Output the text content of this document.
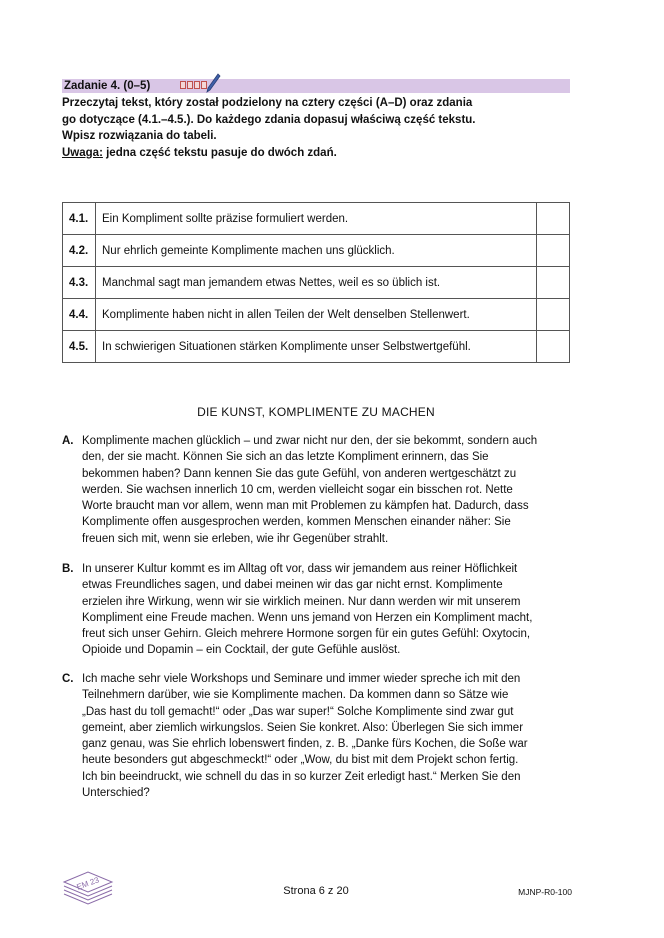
Zadanie 4. (0–5)
Przeczytaj tekst, który został podzielony na cztery części (A–D) oraz zdania
go dotyczące (4.1.–4.5.). Do każdego zdania dopasuj właściwą część tekstu.
Wpisz rozwiązania do tabeli.
Uwaga: jedna część tekstu pasuje do dwóch zdań.
4.1.	Ein Kompliment sollte präzise formuliert werden.	
4.2.	Nur ehrlich gemeinte Komplimente machen uns glücklich.	
4.3.	Manchmal sagt man jemandem etwas Nettes, weil es so üblich ist.	
4.4.	Komplimente haben nicht in allen Teilen der Welt denselben Stellenwert.	
4.5.	In schwierigen Situationen stärken Komplimente unser Selbstwertgefühl.	
DIE KUNST, KOMPLIMENTE ZU MACHEN
A. Komplimente machen glücklich – und zwar nicht nur den, der sie bekommt, sondern auch
den, der sie macht. Können Sie sich an das letzte Kompliment erinnern, das Sie
bekommen haben? Dann kennen Sie das gute Gefühl, von anderen wertgeschätzt zu
werden. Sie wachsen innerlich 10 cm, werden vielleicht sogar ein bisschen rot. Nette
Worte braucht man vor allem, wenn man mit Problemen zu kämpfen hat. Dadurch, dass
Komplimente offen ausgesprochen werden, kommen Menschen einander näher: Sie
freuen sich mit, wenn sie erleben, wie ihr Gegenüber strahlt.
B. In unserer Kultur kommt es im Alltag oft vor, dass wir jemandem aus reiner Höflichkeit
etwas Freundliches sagen, und dabei meinen wir das gar nicht ernst. Komplimente
erzielen ihre Wirkung, wenn wir sie wirklich meinen. Nur dann werden wir mit unserem
Kompliment eine Freude machen. Wenn uns jemand von Herzen ein Kompliment macht,
freut sich unser Gehirn. Gleich mehrere Hormone sorgen für ein gutes Gefühl: Oxytocin,
Opioide und Dopamin – ein Cocktail, der gute Gefühle auslöst.
C. Ich mache sehr viele Workshops und Seminare und immer wieder spreche ich mit den
Teilnehmern darüber, wie sie Komplimente machen. Da kommen dann so Sätze wie
„Das hast du toll gemacht!“ oder „Das war super!“ Solche Komplimente sind zwar gut
gemeint, aber ziemlich wirkungslos. Seien Sie konkret. Also: Überlegen Sie sich immer
ganz genau, was Sie ehrlich lobenswert finden, z. B. „Danke fürs Kochen, die Soße war
heute besonders gut abgeschmeckt!“ oder „Wow, du bist mit dem Projekt schon fertig.
Ich bin beeindruckt, wie schnell du das in so kurzer Zeit erledigt hast.“ Merken Sie den
Unterschied?
EM 23	Strona 6 z 20	MJNP-R0-100
